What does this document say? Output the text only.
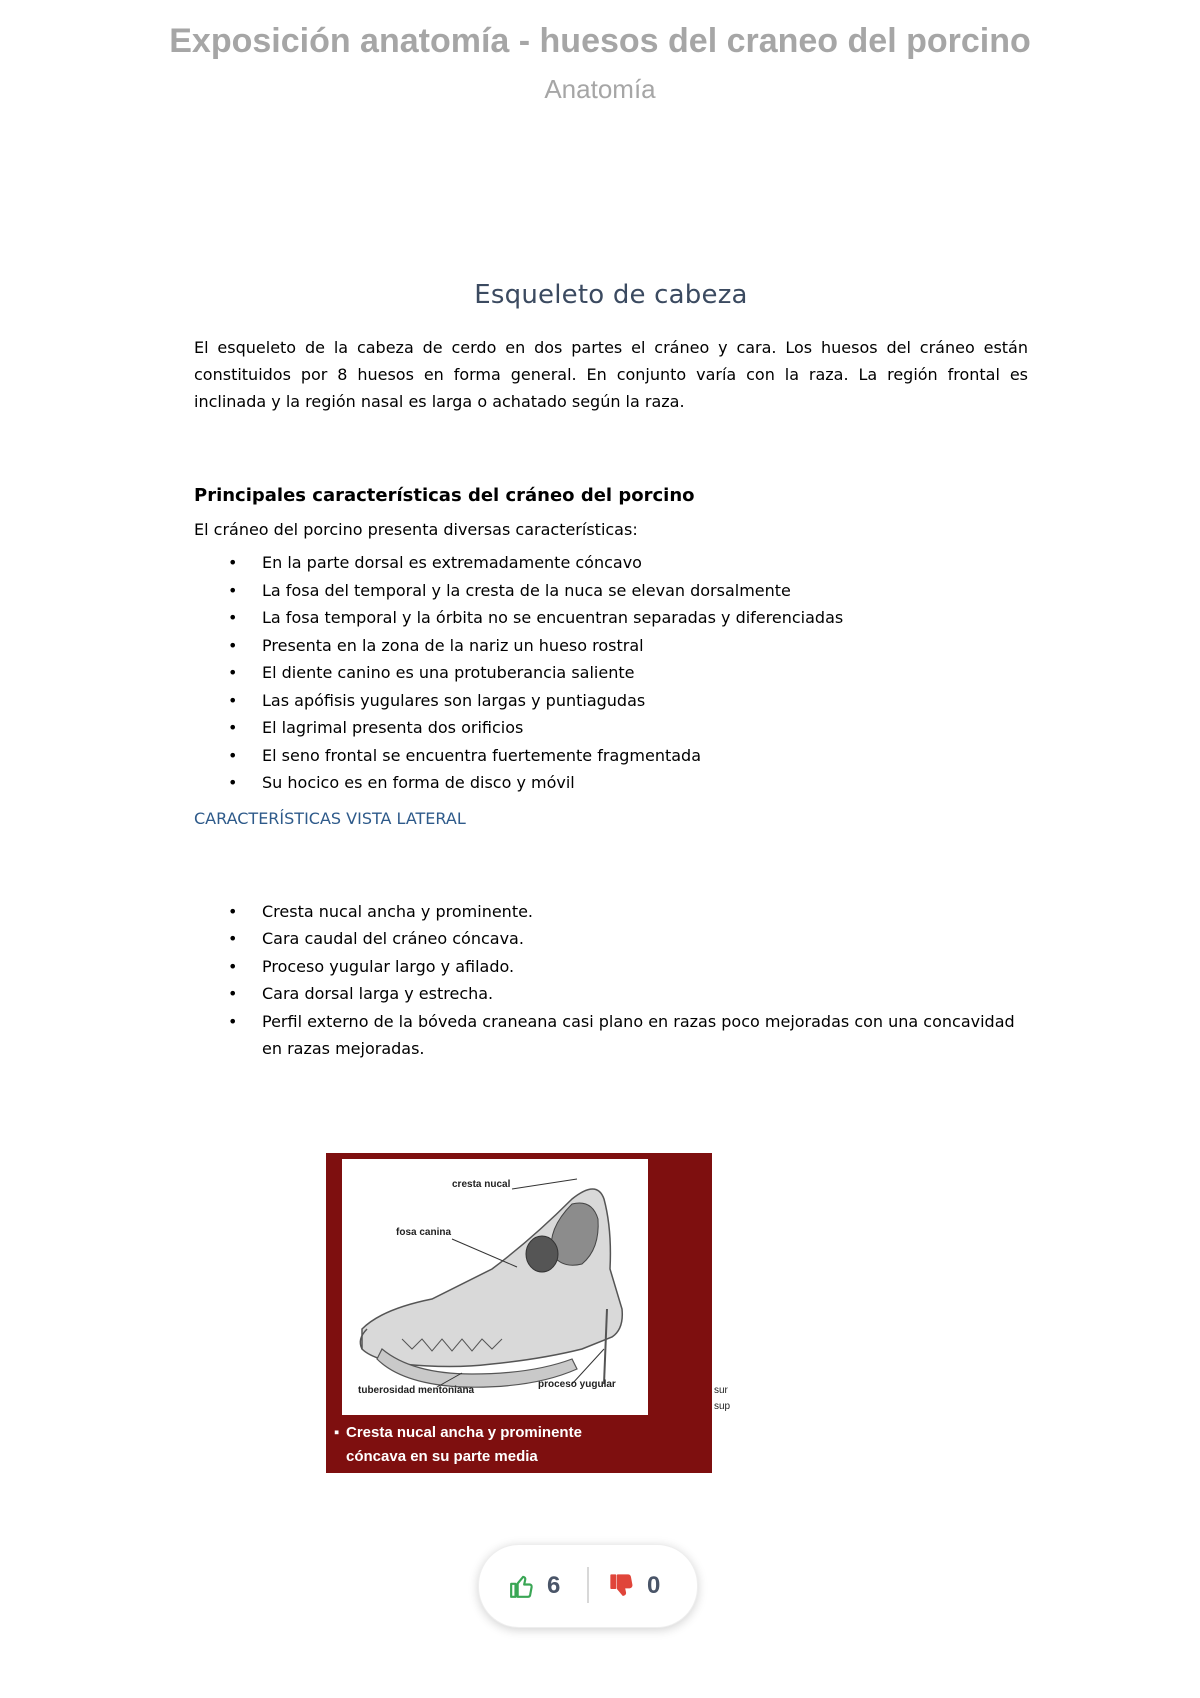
Exposición anatomía - huesos del craneo del porcino
Anatomía
Esqueleto de cabeza

El esqueleto de la cabeza de cerdo en dos partes el cráneo y cara. Los huesos del cráneo están constituidos por 8 huesos en forma general. En conjunto varía con la raza. La región frontal es inclinada y la región nasal es larga o achatado según la raza.

Principales características del cráneo del porcino
El cráneo del porcino presenta diversas características:
• En la parte dorsal es extremadamente cóncavo
• La fosa del temporal y la cresta de la nuca se elevan dorsalmente
• La fosa temporal y la órbita no se encuentran separadas y diferenciadas
• Presenta en la zona de la nariz un hueso rostral
• El diente canino es una protuberancia saliente
• Las apófisis yugulares son largas y puntiagudas
• El lagrimal presenta dos orificios
• El seno frontal se encuentra fuertemente fragmentada
• Su hocico es en forma de disco y móvil
CARACTERÍSTICAS VISTA LATERAL
• Cresta nucal ancha y prominente.
• Cara caudal del cráneo cóncava.
• Proceso yugular largo y afilado.
• Cara dorsal larga y estrecha.
• Perfil externo de la bóveda craneana casi plano en razas poco mejoradas con una concavidad en razas mejoradas.
cresta nucal
fosa canina
tuberosidad mentoniana
proceso yugular
sur
sup
▪ Cresta nucal ancha y prominente
cóncava en su parte media
6	0
